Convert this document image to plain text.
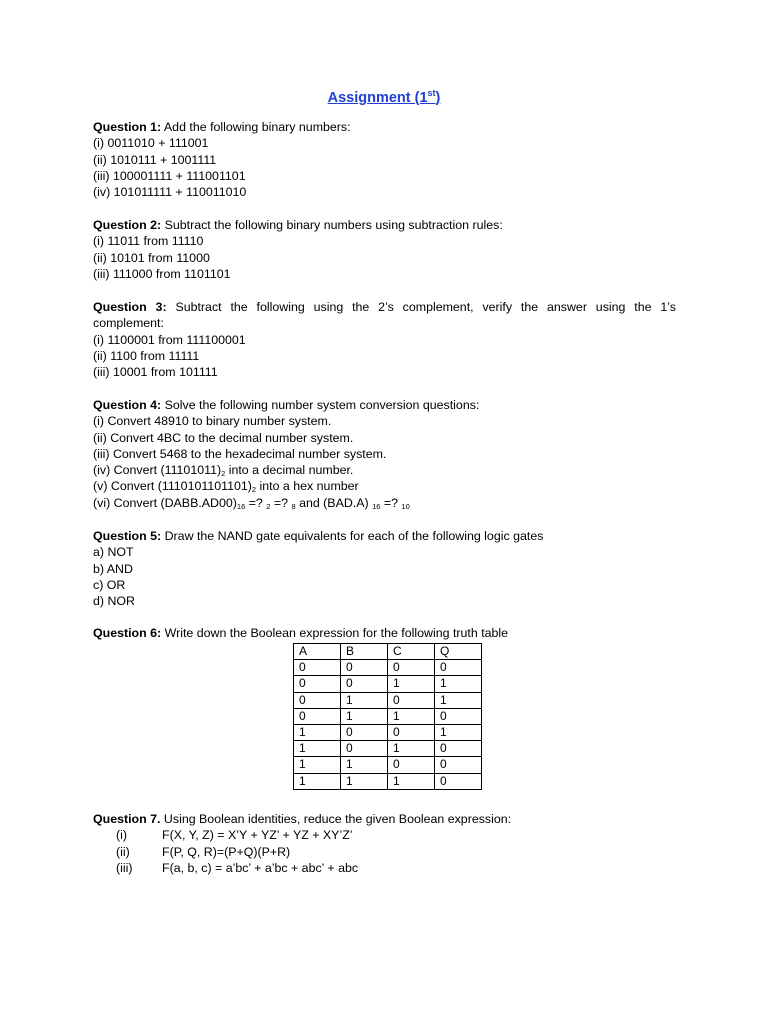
Assignment (1st)

Question 1: Add the following binary numbers:

(i) 0011010 + 111001

(ii) 1010111 + 1001111

(iii) 100001111 + 111001101

(iv) 101011111 + 110011010

Question 2: Subtract the following binary numbers using subtraction rules:

(i) 11011 from 11110

(ii) 10101 from 11000

(iii) 111000 from 1101101

Question 3: Subtract the following using the 2’s complement, verify the answer using the 1’s

complement:

(i) 1100001 from 111100001

(ii) 1100 from 11111

(iii) 10001 from 101111

Question 4: Solve the following number system conversion questions:

(i) Convert 48910 to binary number system.

(ii) Convert 4BC to the decimal number system.

(iii) Convert 5468 to the hexadecimal number system.

(iv) Convert $(11101011)_2$ into a decimal number.

(v) Convert $(1110101101101)_2$ into a hex number

(vi) Convert $(DABB.AD00)_{16}$ =? $_2$ =? $_8$ and (BAD.A) $_{16}$ =? $_{10}$

Question 5: Draw the NAND gate equivalents for each of the following logic gates

a) NOT

b) AND

c) OR

d) NOR

Question 6: Write down the Boolean expression for the following truth table

A	B	C	Q
0	0	0	0
0	0	1	1
0	1	0	1
0	1	1	0
1	0	0	1
1	0	1	0
1	1	0	0
1	1	1	0

Question 7. Using Boolean identities, reduce the given Boolean expression:

(i)	F(X, Y, Z) = X’Y + YZ’ + YZ + XY’Z’
(ii)	F(P, Q, R)=(P+Q)(P+R)
(iii)	F(a, b, c) = a’bc’ + a’bc + abc’ + abc
